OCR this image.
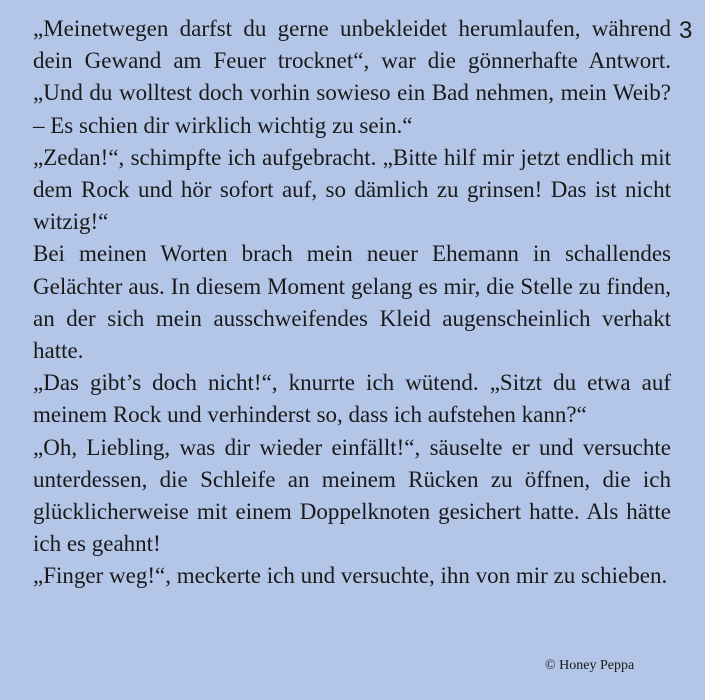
3

„Meinetwegen darfst du gerne unbekleidet herumlaufen, während dein Gewand am Feuer trocknet“, war die gönnerhafte Antwort. „Und du wolltest doch vorhin sowieso ein Bad nehmen, mein Weib? – Es schien dir wirklich wichtig zu sein.“

„Zedan!“, schimpfte ich aufgebracht. „Bitte hilf mir jetzt endlich mit dem Rock und hör sofort auf, so dämlich zu grinsen! Das ist nicht witzig!“

Bei meinen Worten brach mein neuer Ehemann in schallendes Gelächter aus. In diesem Moment gelang es mir, die Stelle zu finden, an der sich mein ausschweifendes Kleid augenscheinlich verhakt hatte.

„Das gibt’s doch nicht!“, knurrte ich wütend. „Sitzt du etwa auf meinem Rock und verhinderst so, dass ich aufstehen kann?“

„Oh, Liebling, was dir wieder einfällt!“, säuselte er und versuchte unterdessen, die Schleife an meinem Rücken zu öffnen, die ich glücklicherweise mit einem Doppelknoten gesichert hatte. Als hätte ich es geahnt!

„Finger weg!“, meckerte ich und versuchte, ihn von mir zu schieben.

© Honey Peppa
